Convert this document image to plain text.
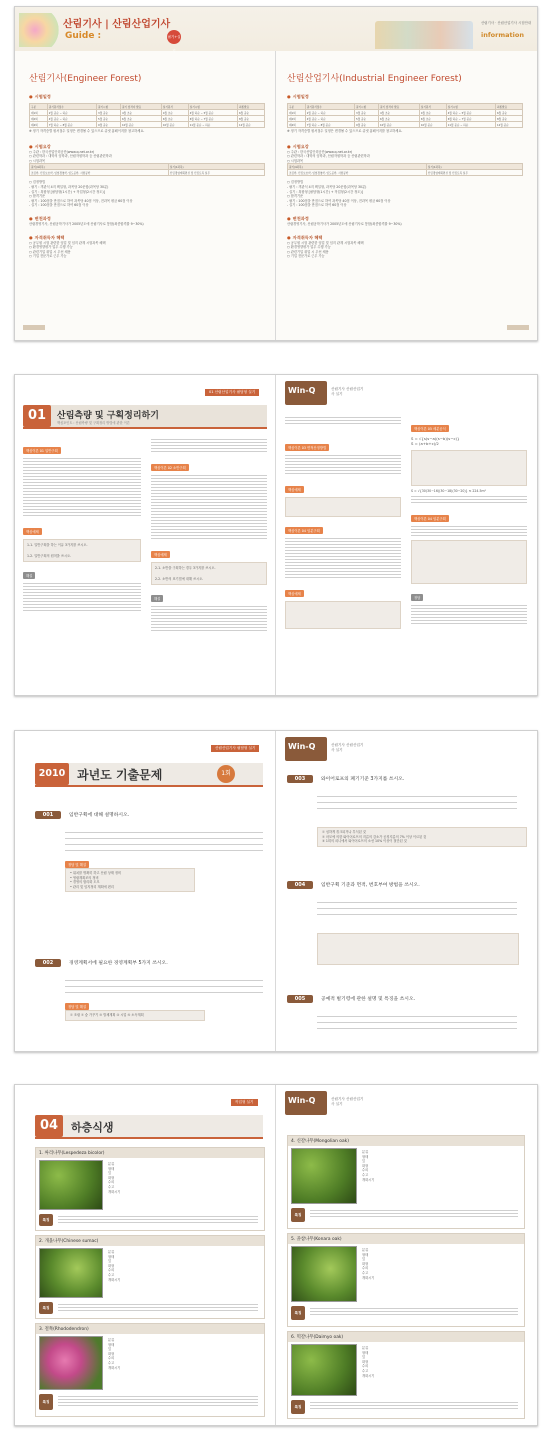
산림기사 | 산림산업기사
필기+실기
Guide :	information
산림기사 · 산림산업기사 시험안내
산림기사(Engineer Forest)
● 시험일정
구분	필기원서접수	필기시험	필기 합격자 발표	실기원서	실기시험	최종발표
제1회	2월 중순 ~ 하순	3월 중순	4월 초순	4월 초순	4월 하순 ~ 5월 중순	6월 중순
제2회	4월 중순 ~ 하순	5월 중순	6월 초순	6월 초순	6월 하순 ~ 7월 중순	8월 중순
제4회	7월 하순 ~ 8월 중순	9월 중순	10월 중순	10월 중순	11월 중순 ~ 하순	12월 중순
※ 정기 자격증별 원서접수 일정은 변경될 수 있으므로 큐넷 홈페이지를 참고하세요.
● 시험요강
○ 주관 : 한국산업인력공단(www.q-net.or.kr)
○ 관련학과 : 대학의 임학과, 산림자원학과 등 산림관련학과
○ 시험과목
필기(4과목)	실기(1과목)
조림학, 산림보호학, 임업경영학, 임도공학, 사방공학	산림경영계획편성 및 산림토목 실무
○ 검정방법
- 필기 : 객관식 4지 택일형, 과목당 20문항(과목당 30분)
- 실기 : 복합형 [필답형(1시간) + 작업형(2시간 정도)]
○ 합격기준
- 필기 : 100점을 만점으로 하여 과목당 40점 이상, 전과목 평균 60점 이상
- 실기 : 100점을 만점으로 하여 60점 이상
● 변천과정
산림경영기사, 산림공학기사가 2005년도에 산림기사로 통합(최종합격률 9~30%)
● 자격취득자 혜택
○ 공무원 시험 관련한 임업 및 임지 관계 시험과목 혜택
○ 환경영향평가 업무 수행 가능
○ 관련기업 취업 시 우선 채용
○ 기업 전문가로 근무 가능
산림산업기사(Industrial Engineer Forest)
● 시험일정
구분	필기원서접수	필기시험	필기 합격자 발표	실기원서	실기시험	최종발표
제1회	2월 중순 ~ 하순	3월 중순	4월 초순	4월 초순	4월 하순 ~ 5월 중순	6월 중순
제2회	4월 중순 ~ 하순	5월 중순	6월 초순	6월 초순	6월 하순 ~ 7월 중순	8월 중순
제4회	7월 하순 ~ 8월 중순	9월 중순	10월 중순	10월 중순	11월 중순 ~ 하순	12월 중순
※ 정기 자격증별 원서접수 일정은 변경될 수 있으므로 큐넷 홈페이지를 참고하세요.
● 시험요강
○ 주관 : 한국산업인력공단(www.q-net.or.kr)
○ 관련학과 : 대학의 임학과, 산림자원학과 등 산림관련학과
○ 시험과목
필기(4과목)	실기(1과목)
조림학, 산림보호학, 임업경영학, 임도공학, 사방공학	산림경영계획편성 및 산림토목 실무
○ 검정방법
- 필기 : 객관식 4지 택일형, 과목당 20문항(과목당 30분)
- 실기 : 복합형 [필답형(1시간) + 작업형(2시간 정도)]
○ 합격기준
- 필기 : 100점을 만점으로 하여 과목당 40점 이상, 전과목 평균 60점 이상
- 실기 : 100점을 만점으로 하여 60점 이상
● 변천과정
산림경영기사, 산림공학기사가 2005년도에 산림기사로 통합(최종합격률 9~30%)
● 자격취득자 혜택
○ 공무원 시험 관련한 임업 및 임지 관계 시험과목 혜택
○ 환경영향평가 업무 수행 가능
○ 관련기업 취업 시 우선 채용
○ 기업 전문가로 근무 가능
01 산림산업기사 필답형 실기
01	산림측량 및 구획정리하기
핵심포인트 : 산림측량 및 구획정리 방법에 관한 이론
핵심이론 01 일반구획
핵심예제
1-1. 일반구획을 하는 이유 3가지를 쓰시오.
1-2. 일반구획의 원칙을 쓰시오.
해설
핵심이론 02 소반구획
핵심예제
2-1. 소반을 구획하는 경우 3가지를 쓰시오.
2-2. 소반의 표기법에 대해 쓰시오.
해설
Win-Q	산림기사 산림산업기사 실기
핵심이론 03 면적산정방법
핵심예제
핵심이론 04 임분구획
핵심예제
핵심이론 05 세분공식
S = √{s(s−a)(s−b)(s−c)}
S = (a+b+c)/2
S = √{30(30−16)(30−18)(30−20)} ≒ 224.5m²
핵심이론 04 임분구획
정답
산림산업기사 필답형 실기
2010 과년도 기출문제	1회
001	임반구획에 대해 설명하시오.
정답 및 해설
• 위치를 명확히 하고 산림 상태 정비
• 영림계획조의 정비
• 경영의 합리화 도모
• 관리 및 임지정리 계획에 편리
002	경영계획서에 필요한 경영계획부 5가지 쓰시오.
정답 및 해설
① 조림 ② 숲 가꾸기 ③ 벌채계획 ④ 시업 ⑤ 소득계획
Win-Q	산림기사 산림산업기사 실기
003	와이어로프의 폐기기준 3가지를 쓰시오.
① 심하게 킹크되거나 부식된 것
② 마모에 의한 와이어로프의 지름의 감소가 공칭지름의 7% 이상 이르된 것
③ 1회의 피니에서 와이어로프의 소선 10% 이상이 절단된 것
004	임반구획 기준과 면적, 번호부여 방법을 쓰시오.
005	공예적 벌기령에 관한 설명 및 특징을 쓰시오.
작업형 실기
04	하층식생
Win-Q	산림기사 산림산업기사 실기
1. 싸리나무(Lespedeza bicolor)
분류
형태
잎
화형
수피
수고
개화시기
특징
2. 개옻나무(Chinese sumac)
분류
형태
잎
화형
수피
수고
개화시기
특징
3. 철쭉(Rhododendron)
분류
형태
잎
화형
수피
수고
개화시기
특징
4. 신갈나무(Mongolian oak)
분류
형태
잎
화형
수피
수고
개화시기
특징
5. 졸참나무(Konara oak)
분류
형태
잎
화형
수피
수고
개화시기
특징
6. 떡갈나무(Daimyo oak)
분류
형태
잎
화형
수피
수고
개화시기
특징
